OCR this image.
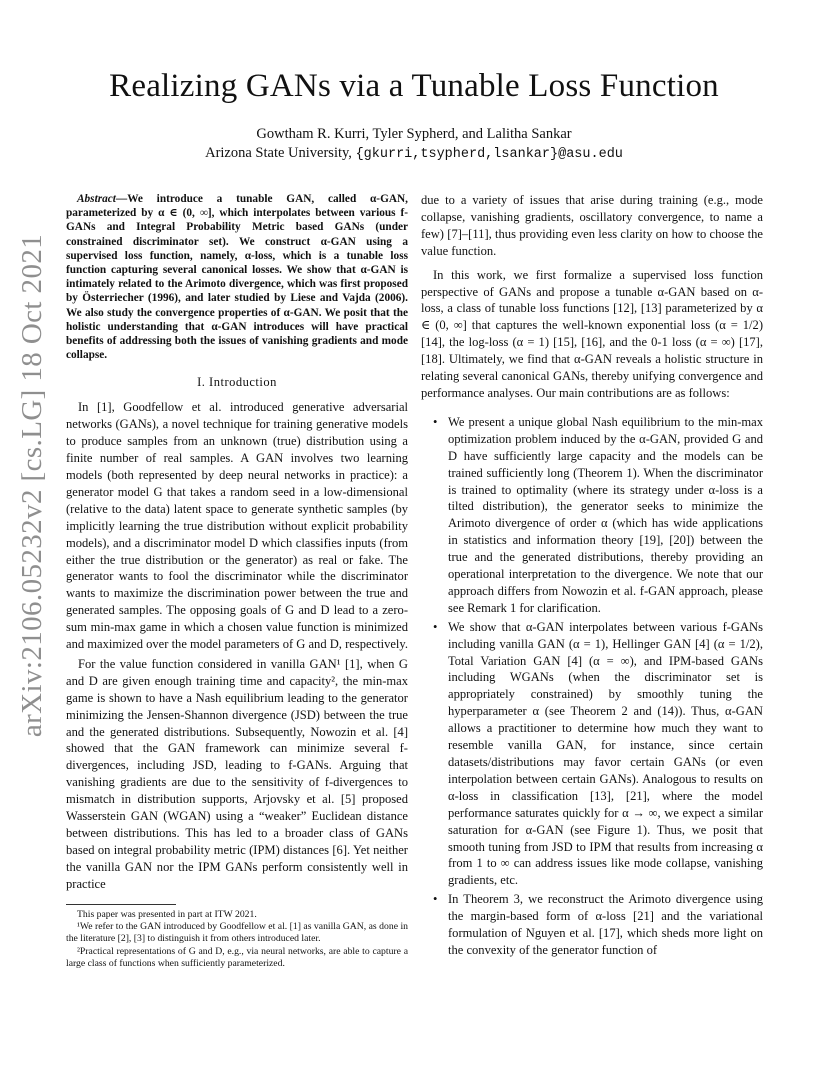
arXiv:2106.05232v2 [cs.LG] 18 Oct 2021
Realizing GANs via a Tunable Loss Function
Gowtham R. Kurri, Tyler Sypherd, and Lalitha Sankar
Arizona State University, {gkurri,tsypherd,lsankar}@asu.edu

Abstract—We introduce a tunable GAN, called α-GAN, parameterized by α ∈ (0, ∞], which interpolates between various f-GANs and Integral Probability Metric based GANs (under constrained discriminator set). We construct α-GAN using a supervised loss function, namely, α-loss, which is a tunable loss function capturing several canonical losses. We show that α-GAN is intimately related to the Arimoto divergence, which was first proposed by Österriecher (1996), and later studied by Liese and Vajda (2006). We also study the convergence properties of α-GAN. We posit that the holistic understanding that α-GAN introduces will have practical benefits of addressing both the issues of vanishing gradients and mode collapse.

I. Introduction

In [1], Goodfellow et al. introduced generative adversarial networks (GANs), a novel technique for training generative models to produce samples from an unknown (true) distribution using a finite number of real samples. A GAN involves two learning models (both represented by deep neural networks in practice): a generator model G that takes a random seed in a low-dimensional (relative to the data) latent space to generate synthetic samples (by implicitly learning the true distribution without explicit probability models), and a discriminator model D which classifies inputs (from either the true distribution or the generator) as real or fake. The generator wants to fool the discriminator while the discriminator wants to maximize the discrimination power between the true and generated samples. The opposing goals of G and D lead to a zero-sum min-max game in which a chosen value function is minimized and maximized over the model parameters of G and D, respectively.

For the value function considered in vanilla GAN¹ [1], when G and D are given enough training time and capacity², the min-max game is shown to have a Nash equilibrium leading to the generator minimizing the Jensen-Shannon divergence (JSD) between the true and the generated distributions. Subsequently, Nowozin et al. [4] showed that the GAN framework can minimize several f-divergences, including JSD, leading to f-GANs. Arguing that vanishing gradients are due to the sensitivity of f-divergences to mismatch in distribution supports, Arjovsky et al. [5] proposed Wasserstein GAN (WGAN) using a “weaker” Euclidean distance between distributions. This has led to a broader class of GANs based on integral probability metric (IPM) distances [6]. Yet neither the vanilla GAN nor the IPM GANs perform consistently well in practice

This paper was presented in part at ITW 2021.

¹We refer to the GAN introduced by Goodfellow et al. [1] as vanilla GAN, as done in the literature [2], [3] to distinguish it from others introduced later.

²Practical representations of G and D, e.g., via neural networks, are able to capture a large class of functions when sufficiently parameterized.

due to a variety of issues that arise during training (e.g., mode collapse, vanishing gradients, oscillatory convergence, to name a few) [7]–[11], thus providing even less clarity on how to choose the value function.

In this work, we first formalize a supervised loss function perspective of GANs and propose a tunable α-GAN based on α-loss, a class of tunable loss functions [12], [13] parameterized by α ∈ (0, ∞] that captures the well-known exponential loss (α = 1/2) [14], the log-loss (α = 1) [15], [16], and the 0-1 loss (α = ∞) [17], [18]. Ultimately, we find that α-GAN reveals a holistic structure in relating several canonical GANs, thereby unifying convergence and performance analyses. Our main contributions are as follows:

• We present a unique global Nash equilibrium to the min-max optimization problem induced by the α-GAN, provided G and D have sufficiently large capacity and the models can be trained sufficiently long (Theorem 1). When the discriminator is trained to optimality (where its strategy under α-loss is a tilted distribution), the generator seeks to minimize the Arimoto divergence of order α (which has wide applications in statistics and information theory [19], [20]) between the true and the generated distributions, thereby providing an operational interpretation to the divergence. We note that our approach differs from Nowozin et al. f-GAN approach, please see Remark 1 for clarification.
• We show that α-GAN interpolates between various f-GANs including vanilla GAN (α = 1), Hellinger GAN [4] (α = 1/2), Total Variation GAN [4] (α = ∞), and IPM-based GANs including WGANs (when the discriminator set is appropriately constrained) by smoothly tuning the hyperparameter α (see Theorem 2 and (14)). Thus, α-GAN allows a practitioner to determine how much they want to resemble vanilla GAN, for instance, since certain datasets/distributions may favor certain GANs (or even interpolation between certain GANs). Analogous to results on α-loss in classification [13], [21], where the model performance saturates quickly for α → ∞, we expect a similar saturation for α-GAN (see Figure 1). Thus, we posit that smooth tuning from JSD to IPM that results from increasing α from 1 to ∞ can address issues like mode collapse, vanishing gradients, etc.
• In Theorem 3, we reconstruct the Arimoto divergence using the margin-based form of α-loss [21] and the variational formulation of Nguyen et al. [17], which sheds more light on the convexity of the generator function of
